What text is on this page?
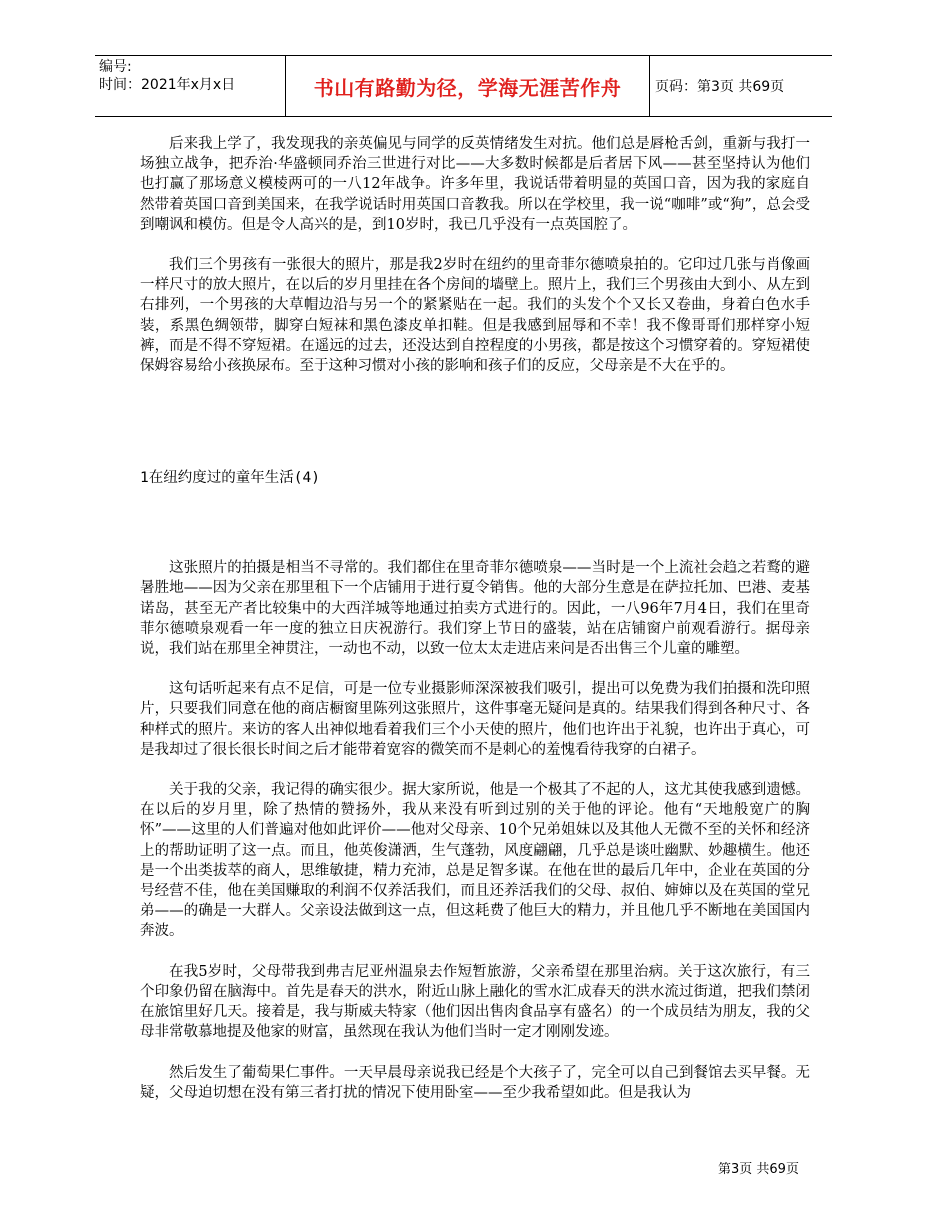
编号:
时间：2021年x月x日	书山有路勤为径，学海无涯苦作舟	页码：第3页 共69页

后来我上学了，我发现我的亲英偏见与同学的反英情绪发生对抗。他们总是唇枪舌剑，重新与我打一场独立战争，把乔治·华盛顿同乔治三世进行对比——大多数时候都是后者居下风——甚至坚持认为他们也打赢了那场意义模棱两可的一八12年战争。许多年里，我说话带着明显的英国口音，因为我的家庭自然带着英国口音到美国来，在我学说话时用英国口音教我。所以在学校里，我一说“咖啡”或“狗”，总会受到嘲讽和模仿。但是令人高兴的是，到10岁时，我已几乎没有一点英国腔了。

我们三个男孩有一张很大的照片，那是我2岁时在纽约的里奇菲尔德喷泉拍的。它印过几张与肖像画一样尺寸的放大照片，在以后的岁月里挂在各个房间的墙壁上。照片上，我们三个男孩由大到小、从左到右排列，一个男孩的大草帽边沿与另一个的紧紧贴在一起。我们的头发个个又长又卷曲，身着白色水手装，系黑色绸领带，脚穿白短袜和黑色漆皮单扣鞋。但是我感到屈辱和不幸！我不像哥哥们那样穿小短裤，而是不得不穿短裙。在遥远的过去，还没达到自控程度的小男孩，都是按这个习惯穿着的。穿短裙使保姆容易给小孩换尿布。至于这种习惯对小孩的影响和孩子们的反应，父母亲是不大在乎的。

1在纽约度过的童年生活(4)

这张照片的拍摄是相当不寻常的。我们都住在里奇菲尔德喷泉——当时是一个上流社会趋之若鹜的避暑胜地——因为父亲在那里租下一个店铺用于进行夏令销售。他的大部分生意是在萨拉托加、巴港、麦基诺岛，甚至无产者比较集中的大西洋城等地通过拍卖方式进行的。因此，一八96年7月4日，我们在里奇菲尔德喷泉观看一年一度的独立日庆祝游行。我们穿上节日的盛装，站在店铺窗户前观看游行。据母亲说，我们站在那里全神贯注，一动也不动，以致一位太太走进店来问是否出售三个儿童的雕塑。

这句话听起来有点不足信，可是一位专业摄影师深深被我们吸引，提出可以免费为我们拍摄和洗印照片，只要我们同意在他的商店橱窗里陈列这张照片，这件事毫无疑问是真的。结果我们得到各种尺寸、各种样式的照片。来访的客人出神似地看着我们三个小天使的照片，他们也许出于礼貌，也许出于真心，可是我却过了很长很长时间之后才能带着宽容的微笑而不是刺心的羞愧看待我穿的白裙子。

关于我的父亲，我记得的确实很少。据大家所说，他是一个极其了不起的人，这尤其使我感到遗憾。在以后的岁月里，除了热情的赞扬外，我从来没有听到过别的关于他的评论。他有“天地般宽广的胸怀”——这里的人们普遍对他如此评价——他对父母亲、10个兄弟姐妹以及其他人无微不至的关怀和经济上的帮助证明了这一点。而且，他英俊潇洒，生气蓬勃，风度翩翩，几乎总是谈吐幽默、妙趣横生。他还是一个出类拔萃的商人，思维敏捷，精力充沛，总是足智多谋。在他在世的最后几年中，企业在英国的分号经营不佳，他在美国赚取的利润不仅养活我们，而且还养活我们的父母、叔伯、婶婶以及在英国的堂兄弟——的确是一大群人。父亲设法做到这一点，但这耗费了他巨大的精力，并且他几乎不断地在美国国内奔波。

在我5岁时，父母带我到弗吉尼亚州温泉去作短暂旅游，父亲希望在那里治病。关于这次旅行，有三个印象仍留在脑海中。首先是春天的洪水，附近山脉上融化的雪水汇成春天的洪水流过街道，把我们禁闭在旅馆里好几天。接着是，我与斯威夫特家（他们因出售肉食品享有盛名）的一个成员结为朋友，我的父母非常敬慕地提及他家的财富，虽然现在我认为他们当时一定才刚刚发迹。

然后发生了葡萄果仁事件。一天早晨母亲说我已经是个大孩子了，完全可以自己到餐馆去买早餐。无疑，父母迫切想在没有第三者打扰的情况下使用卧室——至少我希望如此。但是我认为

第3页 共69页
